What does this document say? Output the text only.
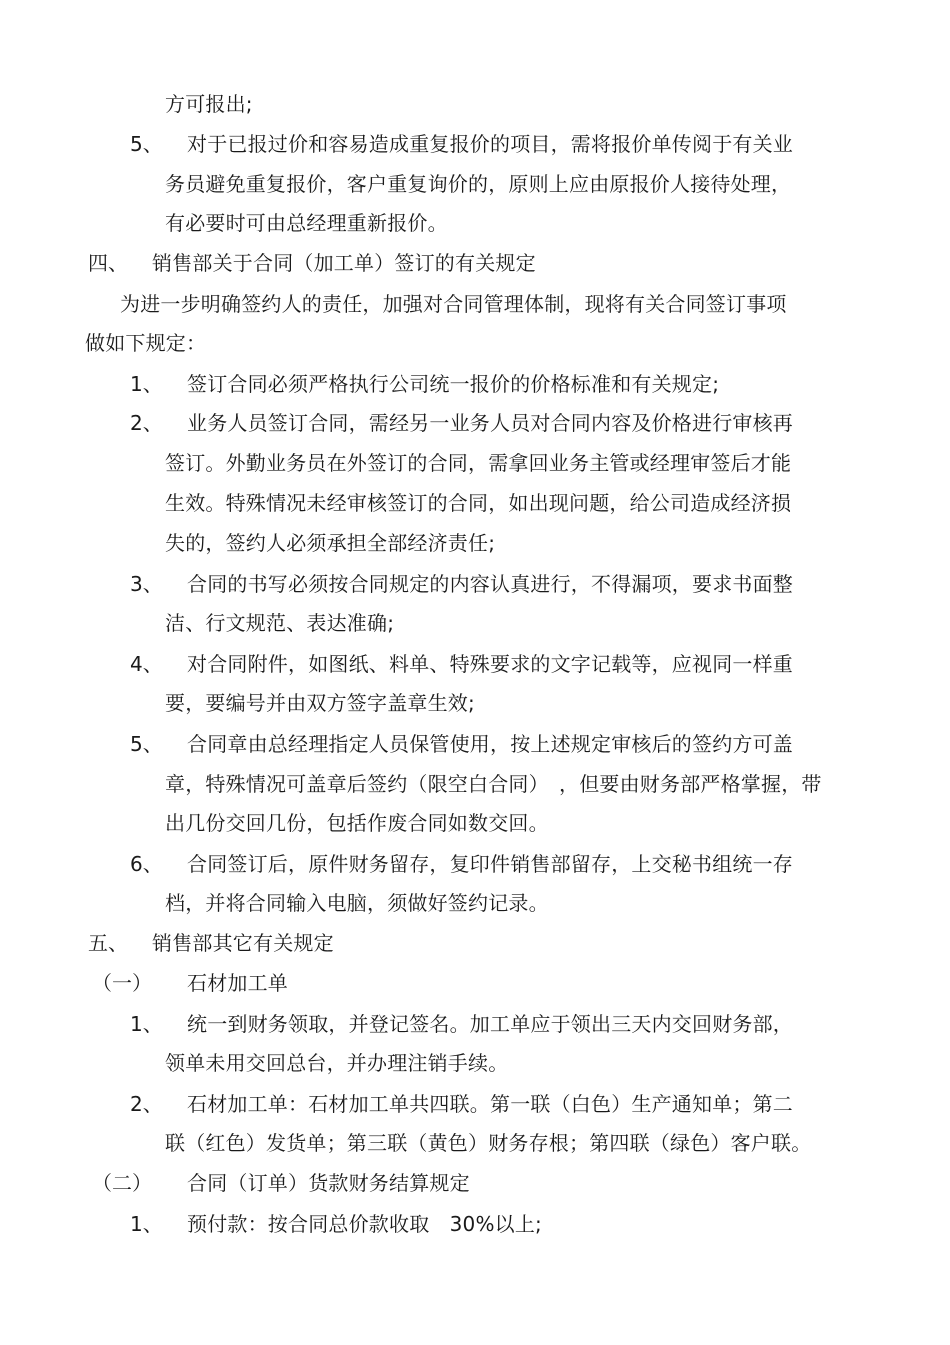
方可报出;
5、 对于已报过价和容易造成重复报价的项目，需将报价单传阅于有关业
务员避免重复报价，客户重复询价的，原则上应由原报价人接待处理，
有必要时可由总经理重新报价。
四、 销售部关于合同（加工单）签订的有关规定
为进一步明确签约人的责任，加强对合同管理体制，现将有关合同签订事项
做如下规定：
1、 签订合同必须严格执行公司统一报价的价格标准和有关规定;
2、 业务人员签订合同，需经另一业务人员对合同内容及价格进行审核再
签订。外勤业务员在外签订的合同，需拿回业务主管或经理审签后才能
生效。特殊情况未经审核签订的合同，如出现问题，给公司造成经济损
失的，签约人必须承担全部经济责任;
3、 合同的书写必须按合同规定的内容认真进行，不得漏项，要求书面整
洁、行文规范、表达准确;
4、 对合同附件，如图纸、料单、特殊要求的文字记载等，应视同一样重
要，要编号并由双方签字盖章生效;
5、 合同章由总经理指定人员保管使用，按上述规定审核后的签约方可盖
章，特殊情况可盖章后签约（限空白合同）　，但要由财务部严格掌握，带
出几份交回几份，包括作废合同如数交回。
6、 合同签订后，原件财务留存，复印件销售部留存，上交秘书组统一存
档，并将合同输入电脑，须做好签约记录。
五、 销售部其它有关规定
（一） 石材加工单
1、 统一到财务领取，并登记签名。加工单应于领出三天内交回财务部，
领单未用交回总台，并办理注销手续。
2、 石材加工单：石材加工单共四联。第一联（白色）生产通知单；第二
联（红色）发货单；第三联（黄色）财务存根；第四联（绿色）客户联。
（二） 合同（订单）货款财务结算规定
1、 预付款：按合同总价款收取　30%以上;
